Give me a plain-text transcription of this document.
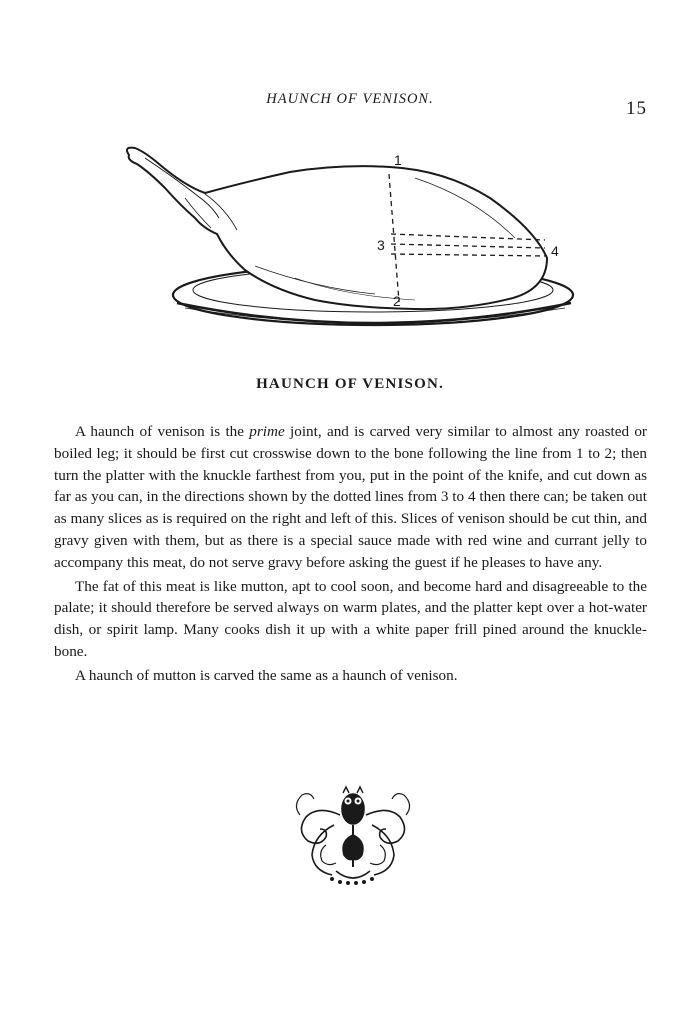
HAUNCH OF VENISON.	15
1
2
3	4
HAUNCH OF VENISON.

A haunch of venison is the prime joint, and is carved very similar to almost any roasted or boiled leg; it should be first cut crosswise down to the bone following the line from 1 to 2; then turn the platter with the knuckle farthest from you, put in the point of the knife, and cut down as far as you can, in the directions shown by the dotted lines from 3 to 4 then there can; be taken out as many slices as is required on the right and left of this. Slices of venison should be cut thin, and gravy given with them, but as there is a special sauce made with red wine and currant jelly to accompany this meat, do not serve gravy before asking the guest if he pleases to have any.

The fat of this meat is like mutton, apt to cool soon, and become hard and disagreeable to the palate; it should therefore be served always on warm plates, and the platter kept over a hot-water dish, or spirit lamp. Many cooks dish it up with a white paper frill pined around the knuckle-bone.

A haunch of mutton is carved the same as a haunch of venison.
